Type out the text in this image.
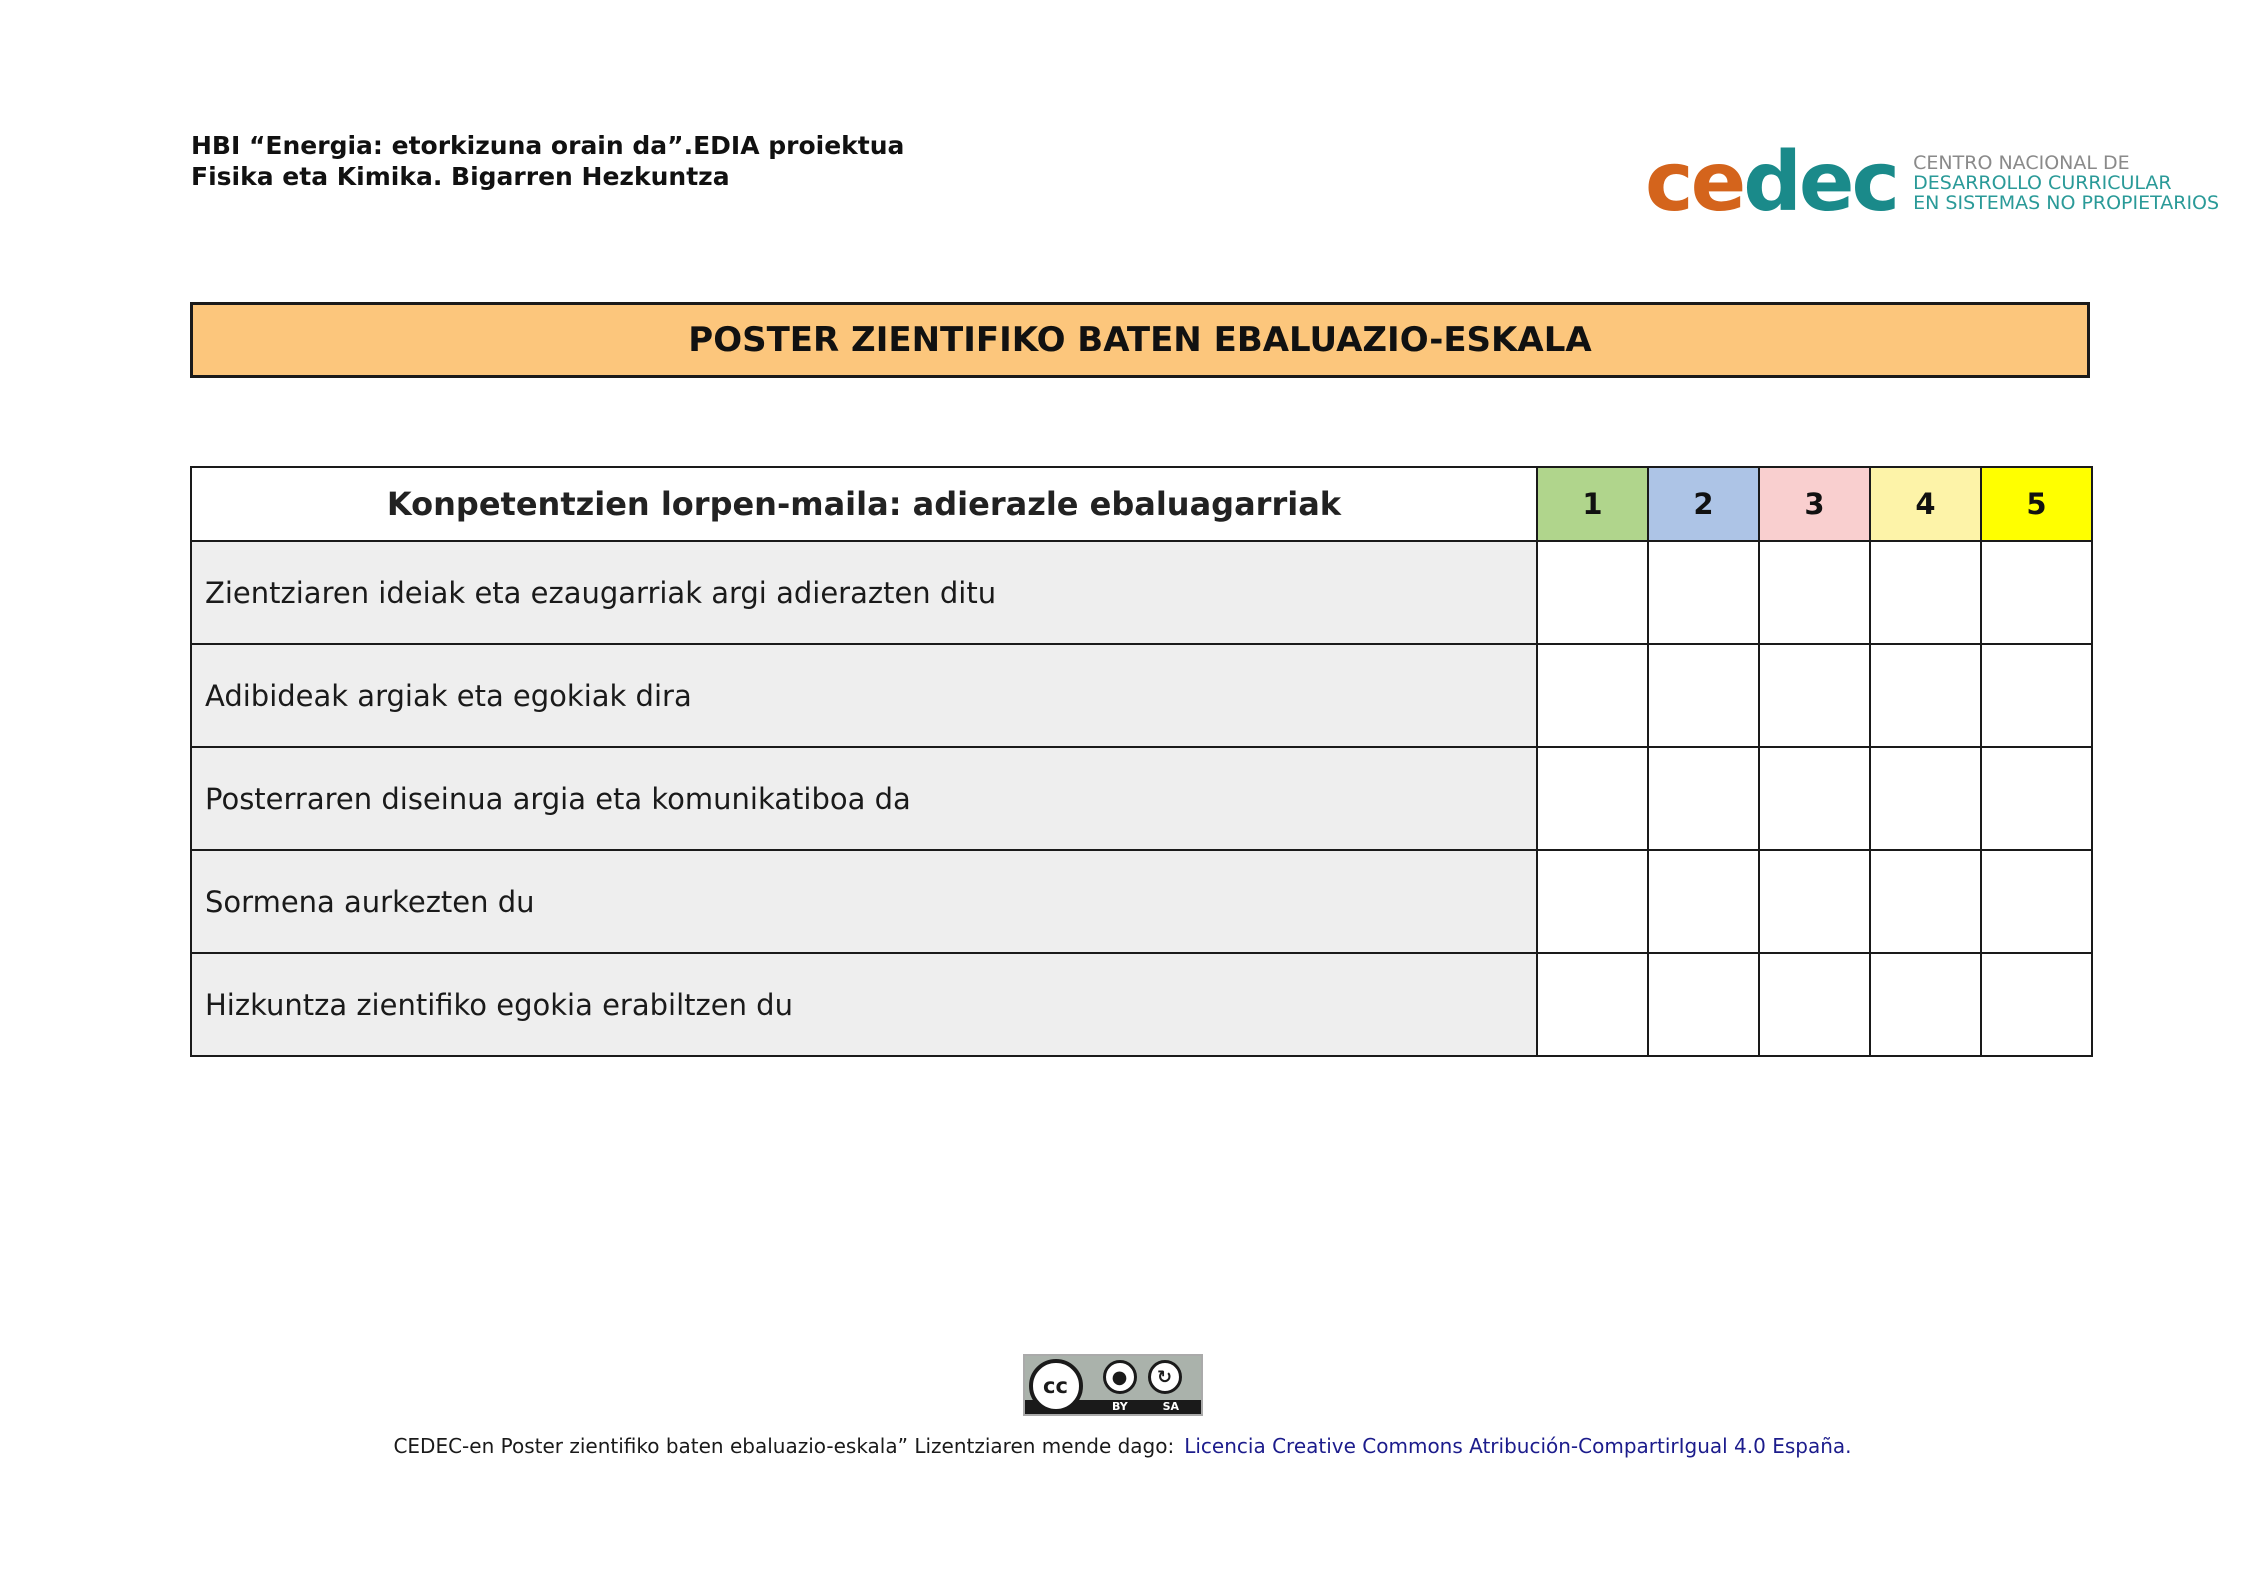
HBI “Energia: etorkizuna orain da”.EDIA proiektua
Fisika eta Kimika. Bigarren Hezkuntza	cedec CENTRO NACIONAL DE
DESARROLLO CURRICULAR
EN SISTEMAS NO PROPIETARIOS
POSTER ZIENTIFIKO BATEN EBALUAZIO-ESKALA
Konpetentzien lorpen-maila: adierazle ebaluagarriak	1	2	3	4	5
Zientziaren ideiak eta ezaugarriak argi adierazten ditu					
Adibideak argiak eta egokiak dira					
Posterraren diseinua argia eta komunikatiboa da					
Sormena aurkezten du					
Hizkuntza zientifiko egokia erabiltzen du					
cc	●	↻
BY	SA
CEDEC-en Poster zientifiko baten ebaluazio-eskala” Lizentziaren mende dago: Licencia Creative Commons Atribución-CompartirIgual 4.0 España.
